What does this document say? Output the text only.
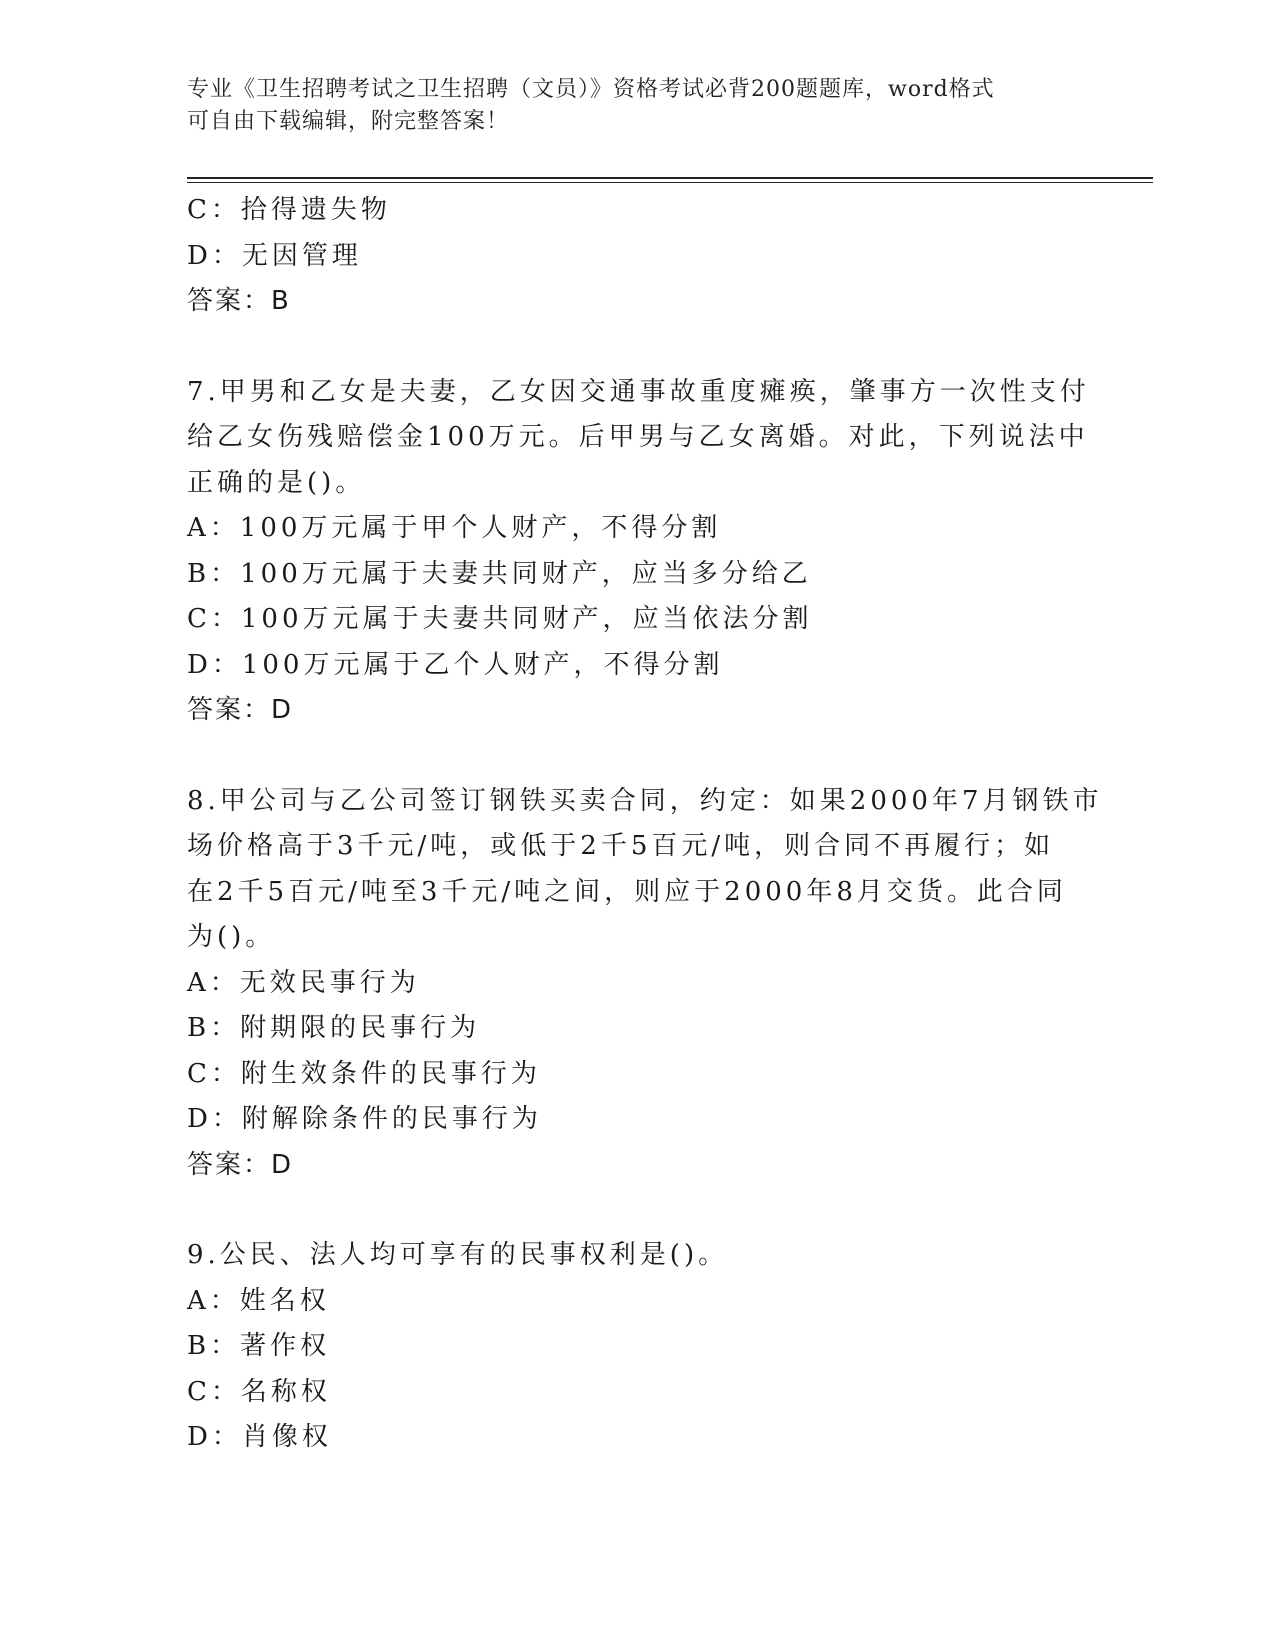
专业《卫生招聘考试之卫生招聘（文员）》资格考试必背200题题库，word格式

可自由下载编辑，附完整答案！

C：拾得遗失物
D：无因管理
答案：B
7.甲男和乙女是夫妻，乙女因交通事故重度瘫痪，肇事方一次性支付
给乙女伤残赔偿金100万元。后甲男与乙女离婚。对此，下列说法中
正确的是()。
A：100万元属于甲个人财产，不得分割
B：100万元属于夫妻共同财产，应当多分给乙
C：100万元属于夫妻共同财产，应当依法分割
D：100万元属于乙个人财产，不得分割
答案：D
8.甲公司与乙公司签订钢铁买卖合同，约定：如果2000年7月钢铁市
场价格高于3千元/吨，或低于2千5百元/吨，则合同不再履行；如
在2千5百元/吨至3千元/吨之间，则应于2000年8月交货。此合同
为()。
A：无效民事行为
B：附期限的民事行为
C：附生效条件的民事行为
D：附解除条件的民事行为
答案：D
9.公民、法人均可享有的民事权利是()。
A：姓名权
B：著作权
C：名称权
D：肖像权
